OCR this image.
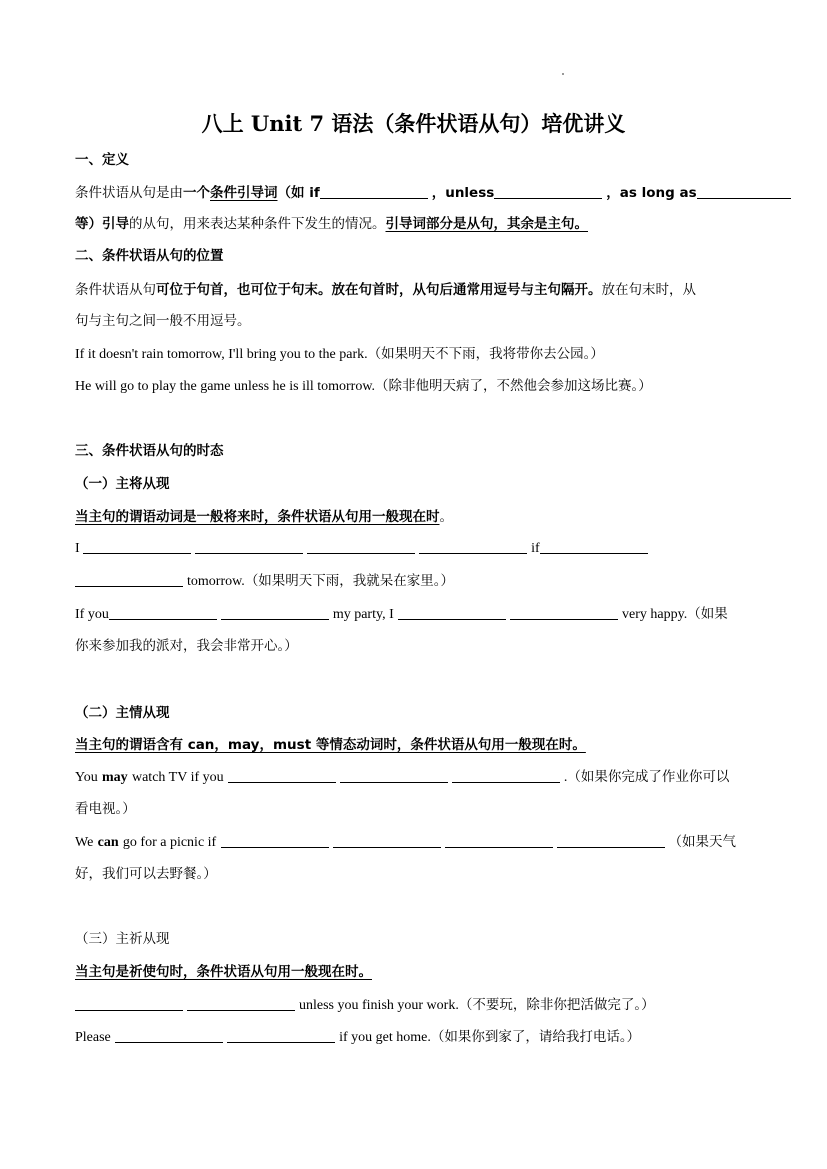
八上 Unit 7 语法（条件状语从句）培优讲义
一、定义
条件状语从句是由一个条件引导词（如 if	，unless	，as long as
等）引导的从句，用来表达某种条件下发生的情况。引导词部分是从句，其余是主句。
二、条件状语从句的位置
条件状语从句可位于句首，也可位于句末。放在句首时，从句后通常用逗号与主句隔开。放在句末时，从
句与主句之间一般不用逗号。
If it doesn't rain tomorrow, I'll bring you to the park.（如果明天不下雨，我将带你去公园。）
He will go to play the game unless he is ill tomorrow.（除非他明天病了，不然他会参加这场比赛。）
三、条件状语从句的时态
（一）主将从现
当主句的谓语动词是一般将来时，条件状语从句用一般现在时。
I	if
tomorrow.（如果明天下雨，我就呆在家里。）
If you	my party, I	very happy.（如果
你来参加我的派对，我会非常开心。）
（二）主情从现
当主句的谓语含有 can，may，must 等情态动词时，条件状语从句用一般现在时。
You may watch TV if you	.（如果你完成了作业你可以
看电视。）
We can go for a picnic if	（如果天气
好，我们可以去野餐。）
（三）主祈从现
当主句是祈使句时，条件状语从句用一般现在时。
unless you finish your work.（不要玩，除非你把活做完了。）
Please	if you get home.（如果你到家了，请给我打电话。）
